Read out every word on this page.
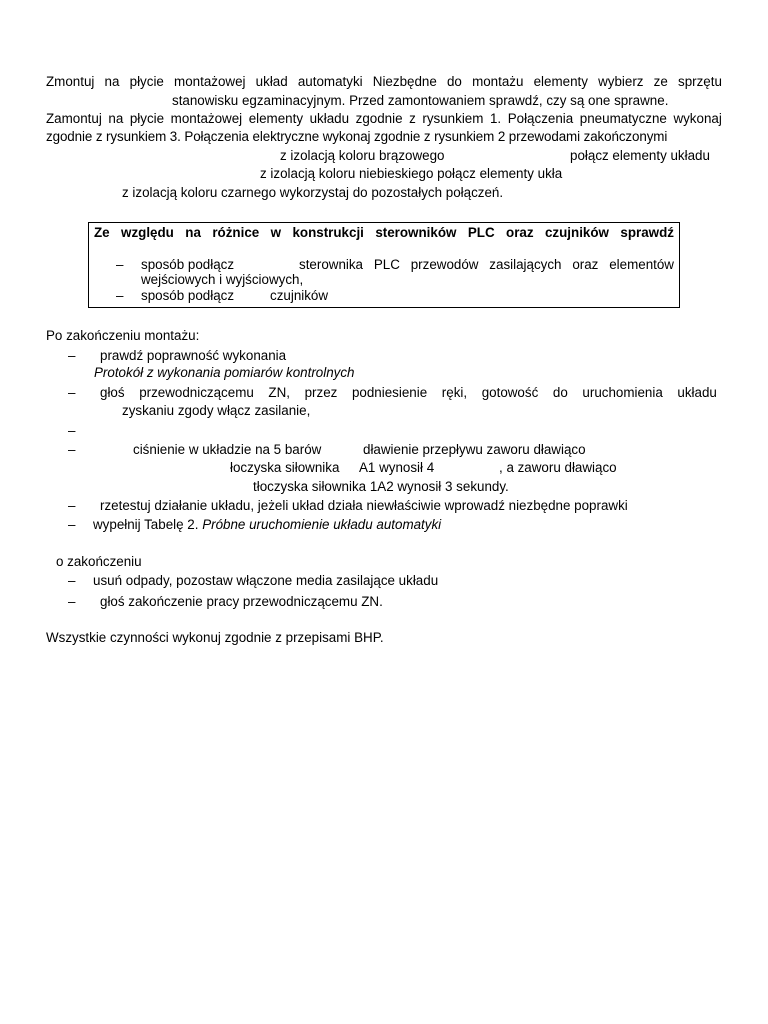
Zmontuj na płycie montażowej układ automatyki Niezbędne do montażu elementy wybierz ze sprzętu
stanowisku egzaminacyjnym. Przed zamontowaniem sprawdź, czy są one sprawne.
Zamontuj na płycie montażowej elementy układu zgodnie z rysunkiem 1. Połączenia pneumatyczne wykonaj
zgodnie z rysunkiem 3. Połączenia elektryczne wykonaj zgodnie z rysunkiem 2 przewodami zakończonymi
z izolacją koloru brązowego	połącz elementy układu
z izolacją koloru niebieskiego połącz elementy ukła
z izolacją koloru czarnego wykorzystaj do pozostałych połączeń.
Ze względu na różnice w konstrukcji sterowników PLC oraz czujników sprawdź
– sposób podłącz	sterownika PLC przewodów zasilających oraz elementów
wejściowych i wyjściowych,
– sposób podłącz	czujników
Po zakończeniu montażu:
– prawdź poprawność wykonania
Protokół z wykonania pomiarów kontrolnych
– głoś przewodniczącemu ZN, przez podniesienie ręki, gotowość do uruchomienia układu
zyskaniu zgody włącz zasilanie,
–
–	ciśnienie w układzie na 5 barów	dławienie przepływu zaworu dławiąco
łoczyska siłownika A1 wynosił 4	, a zaworu dławiąco
tłoczyska siłownika 1A2 wynosił 3 sekundy.
– rzetestuj działanie układu, jeżeli układ działa niewłaściwie wprowadź niezbędne poprawki
– wypełnij Tabelę 2. Próbne uruchomienie układu automatyki
o zakończeniu
– usuń odpady, pozostaw włączone media zasilające układu
– głoś zakończenie pracy przewodniczącemu ZN.
Wszystkie czynności wykonuj zgodnie z przepisami BHP.
